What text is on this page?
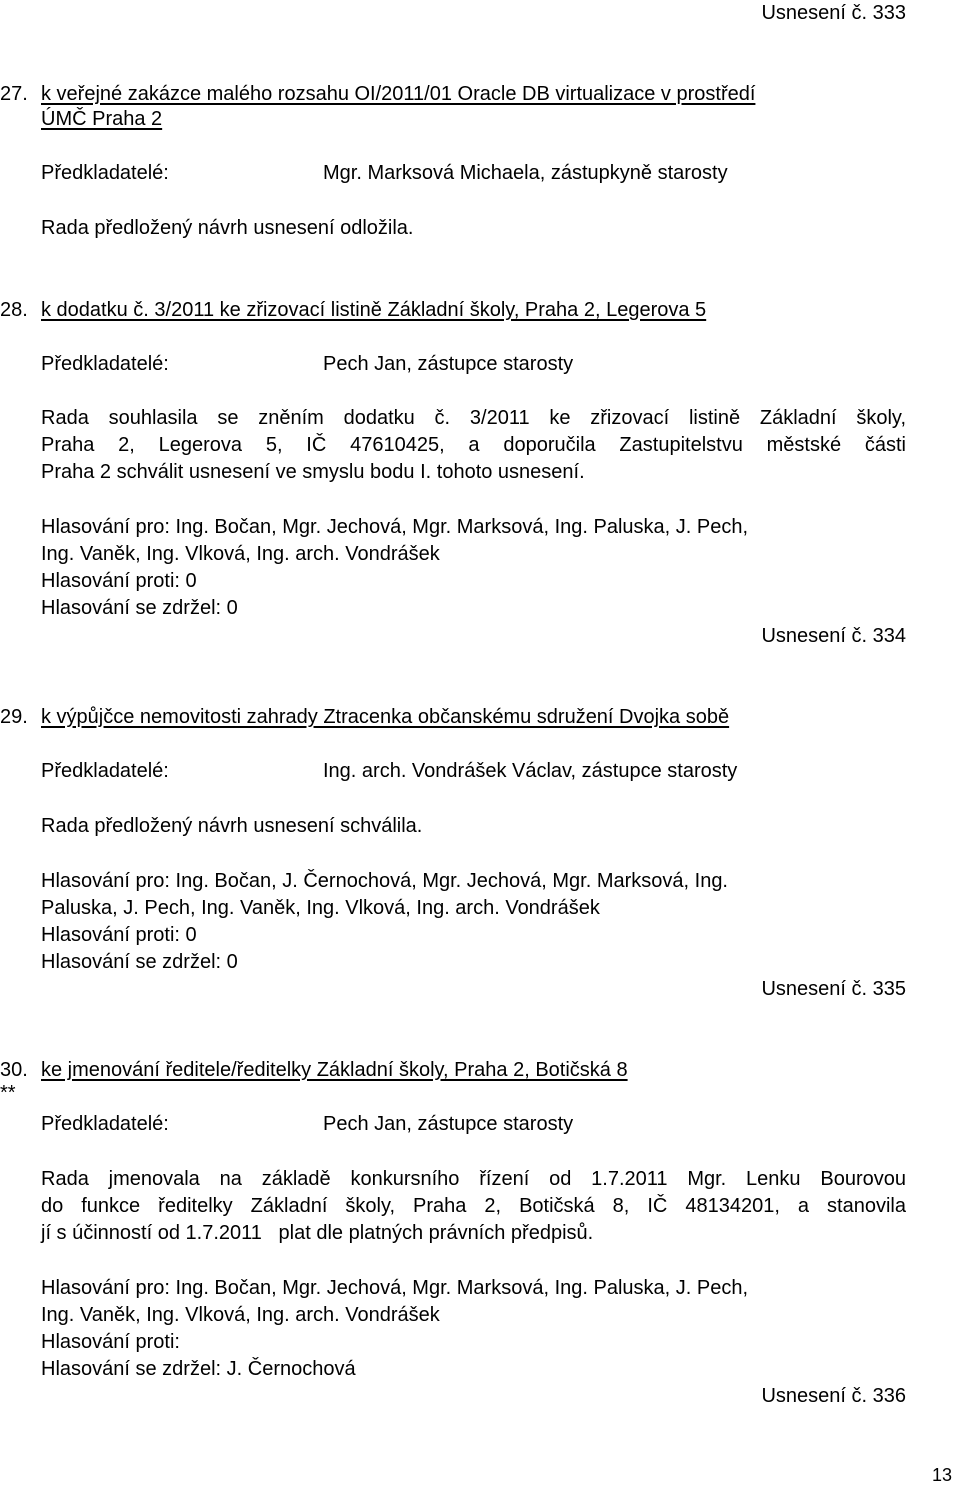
Usnesení č. 333
27. k veřejné zakázce malého rozsahu OI/2011/01 Oracle DB virtualizace v prostředí
ÚMČ Praha 2
Předkladatelé:	Mgr. Marksová Michaela, zástupkyně starosty
Rada předložený návrh usnesení odložila.
28. k dodatku č. 3/2011 ke zřizovací listině Základní školy, Praha 2, Legerova 5
Předkladatelé:	Pech Jan, zástupce starosty
Rada souhlasila se zněním dodatku č. 3/2011 ke zřizovací listině Základní školy,
Praha 2, Legerova 5, IČ 47610425, a doporučila Zastupitelstvu městské části
Praha 2 schválit usnesení ve smyslu bodu I. tohoto usnesení.
Hlasování pro: Ing. Bočan, Mgr. Jechová, Mgr. Marksová, Ing. Paluska, J. Pech,
Ing. Vaněk, Ing. Vlková, Ing. arch. Vondrášek
Hlasování proti: 0
Hlasování se zdržel: 0
Usnesení č. 334
29. k výpůjčce nemovitosti zahrady Ztracenka občanskému sdružení Dvojka sobě
Předkladatelé:	Ing. arch. Vondrášek Václav, zástupce starosty
Rada předložený návrh usnesení schválila.
Hlasování pro: Ing. Bočan, J. Černochová, Mgr. Jechová, Mgr. Marksová, Ing.
Paluska, J. Pech, Ing. Vaněk, Ing. Vlková, Ing. arch. Vondrášek
Hlasování proti: 0
Hlasování se zdržel: 0
Usnesení č. 335
30.
**
ke jmenování ředitele/ředitelky Základní školy, Praha 2, Botičská 8
Předkladatelé:	Pech Jan, zástupce starosty
Rada jmenovala na základě konkursního řízení od 1.7.2011 Mgr. Lenku Bourovou
do funkce ředitelky Základní školy, Praha 2, Botičská 8, IČ 48134201, a stanovila
jí s účinností od 1.7.2011   plat dle platných právních předpisů.
Hlasování pro: Ing. Bočan, Mgr. Jechová, Mgr. Marksová, Ing. Paluska, J. Pech,
Ing. Vaněk, Ing. Vlková, Ing. arch. Vondrášek
Hlasování proti:
Hlasování se zdržel: J. Černochová
Usnesení č. 336
13
